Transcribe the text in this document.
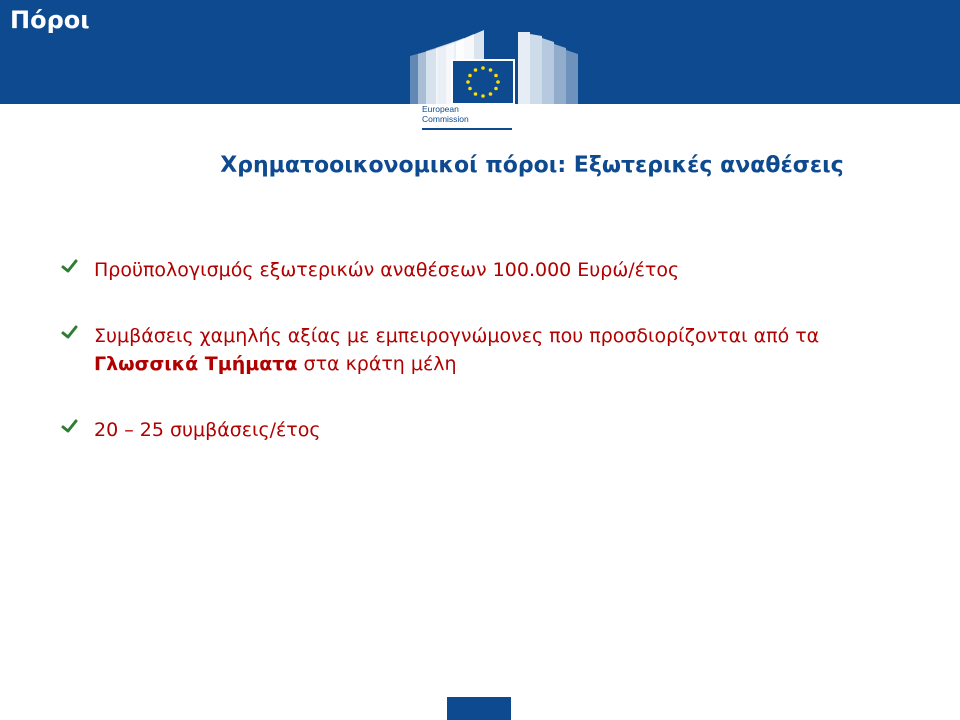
Πόροι
European
Commission
Χρηματοοικονομικοί πόροι: Εξωτερικές αναθέσεις
Προϋπολογισμός εξωτερικών αναθέσεων 100.000 Ευρώ/έτος
Συμβάσεις χαμηλής αξίας με εμπειρογνώμονες που προσδιορίζονται από τα Γλωσσικά Τμήματα στα κράτη μέλη
20 – 25 συμβάσεις/έτος
